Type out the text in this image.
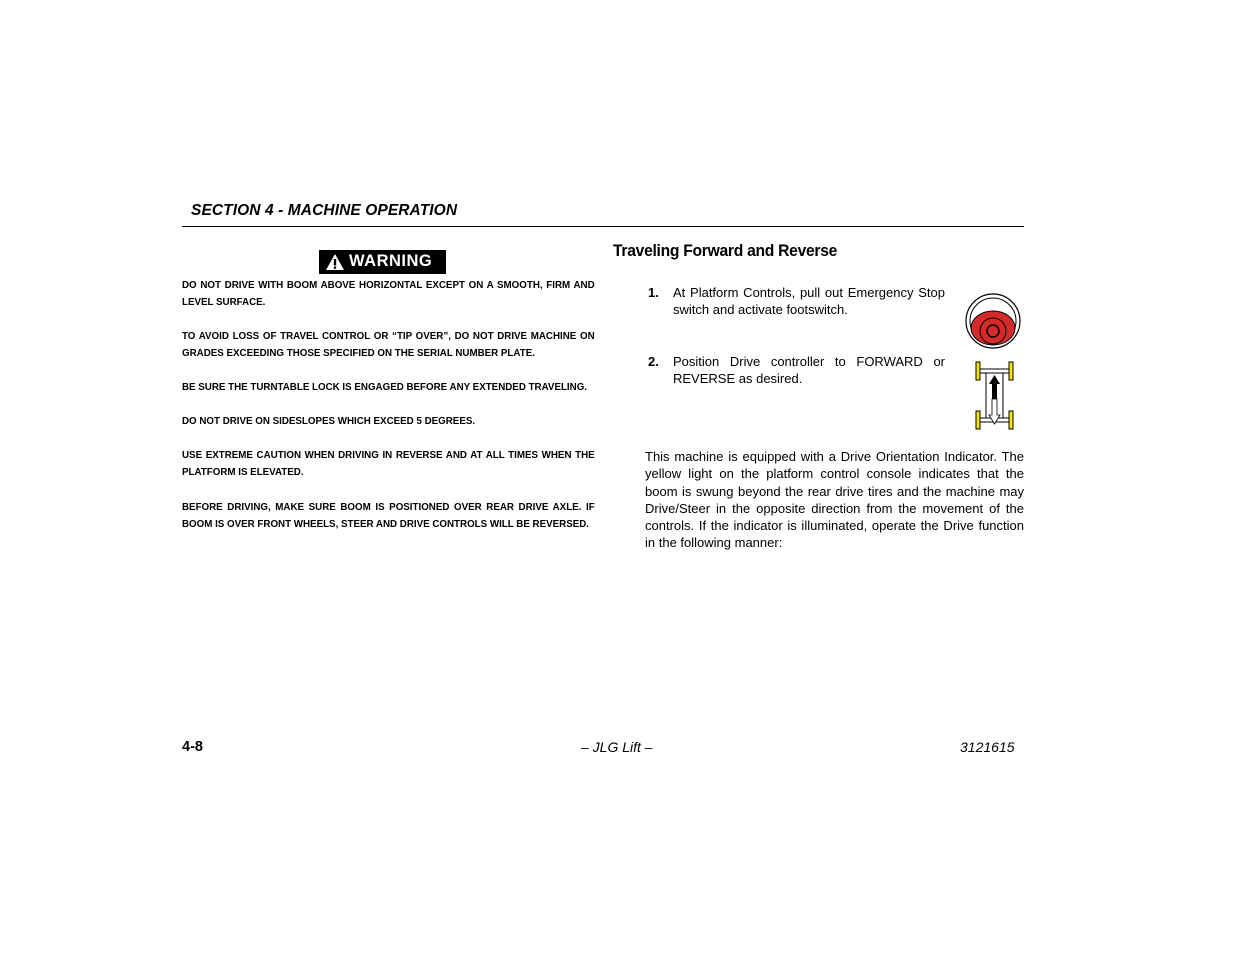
SECTION 4 - MACHINE OPERATION
WARNING
DO NOT DRIVE WITH BOOM ABOVE HORIZONTAL EXCEPT ON A SMOOTH, FIRM AND LEVEL SURFACE.
TO AVOID LOSS OF TRAVEL CONTROL OR “TIP OVER”, DO NOT DRIVE MACHINE ON GRADES EXCEEDING THOSE SPECIFIED ON THE SERIAL NUMBER PLATE.
BE SURE THE TURNTABLE LOCK IS ENGAGED BEFORE ANY EXTENDED TRAVELING.
DO NOT DRIVE ON SIDESLOPES WHICH EXCEED 5 DEGREES.
USE EXTREME CAUTION WHEN DRIVING IN REVERSE AND AT ALL TIMES WHEN THE PLATFORM IS ELEVATED.
BEFORE DRIVING, MAKE SURE BOOM IS POSITIONED OVER REAR DRIVE AXLE. IF BOOM IS OVER FRONT WHEELS, STEER AND DRIVE CONTROLS WILL BE REVERSED.
Traveling Forward and Reverse
1. At Platform Controls, pull out Emergency Stop switch and activate footswitch.
2. Position Drive controller to FORWARD or REVERSE as desired.
This machine is equipped with a Drive Orientation Indicator. The yellow light on the platform control console indicates that the boom is swung beyond the rear drive tires and the machine may Drive/Steer in the opposite direction from the movement of the controls. If the indicator is illuminated, operate the Drive function in the following manner:
4-8	– JLG Lift –	3121615
